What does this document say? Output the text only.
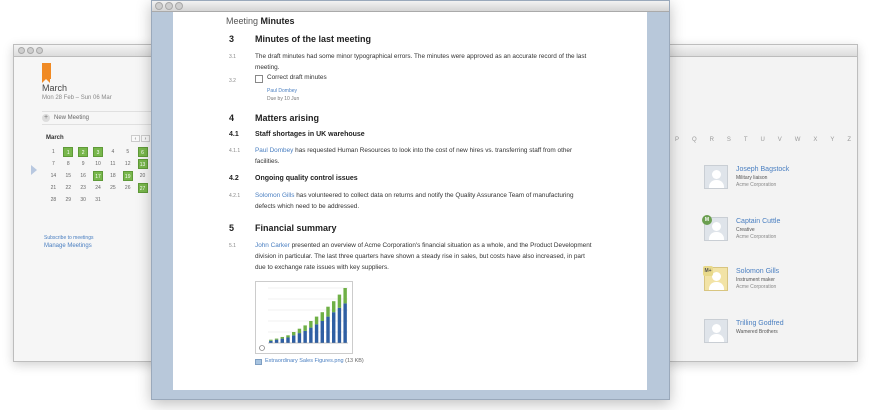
March
Mon 28 Feb – Sun 06 Mar
+ New Meeting
March	‹	›
1	1	2	3	4	5	6
7	8	9	10	11	12	13
14	15	16	17	18	19	20
21	22	23	24	25	26	27
28	29	30	31
Subscribe to meetings
Manage Meetings
P Q R S T U V W X Y Z
Joseph Bagstock
Military liaison
Acme Corporation
M	Captain Cuttle
Creative
Acme Corporation
M+	Solomon Gills
Instrument maker
Acme Corporation
Trilling Godfred
Wamered Brothers
Meeting Minutes
3 Minutes of the last meeting
3.1	The draft minutes had some minor typographical errors. The minutes were approved as an accurate record of the last meeting.
3.2	Correct draft minutes
Paul Dombey
Due by 10 Jun
4 Matters arising
4.1 Staff shortages in UK warehouse
4.1.1 Paul Dombey has requested Human Resources to look into the cost of new hires vs. transferring staff from other facilities.
4.2 Ongoing quality control issues
4.2.1 Solomon Gills has volunteered to collect data on returns and notify the Quality Assurance Team of manufacturing defects which need to be addressed.
5 Financial summary
5.1	John Carker presented an overview of Acme Corporation's financial situation as a whole, and the Product Development division in particular. The last three quarters have shown a steady rise in sales, but costs have also increased, in part due to exchange rate issues with key suppliers.
Extraordinary Sales Figures.png (13 KB)
